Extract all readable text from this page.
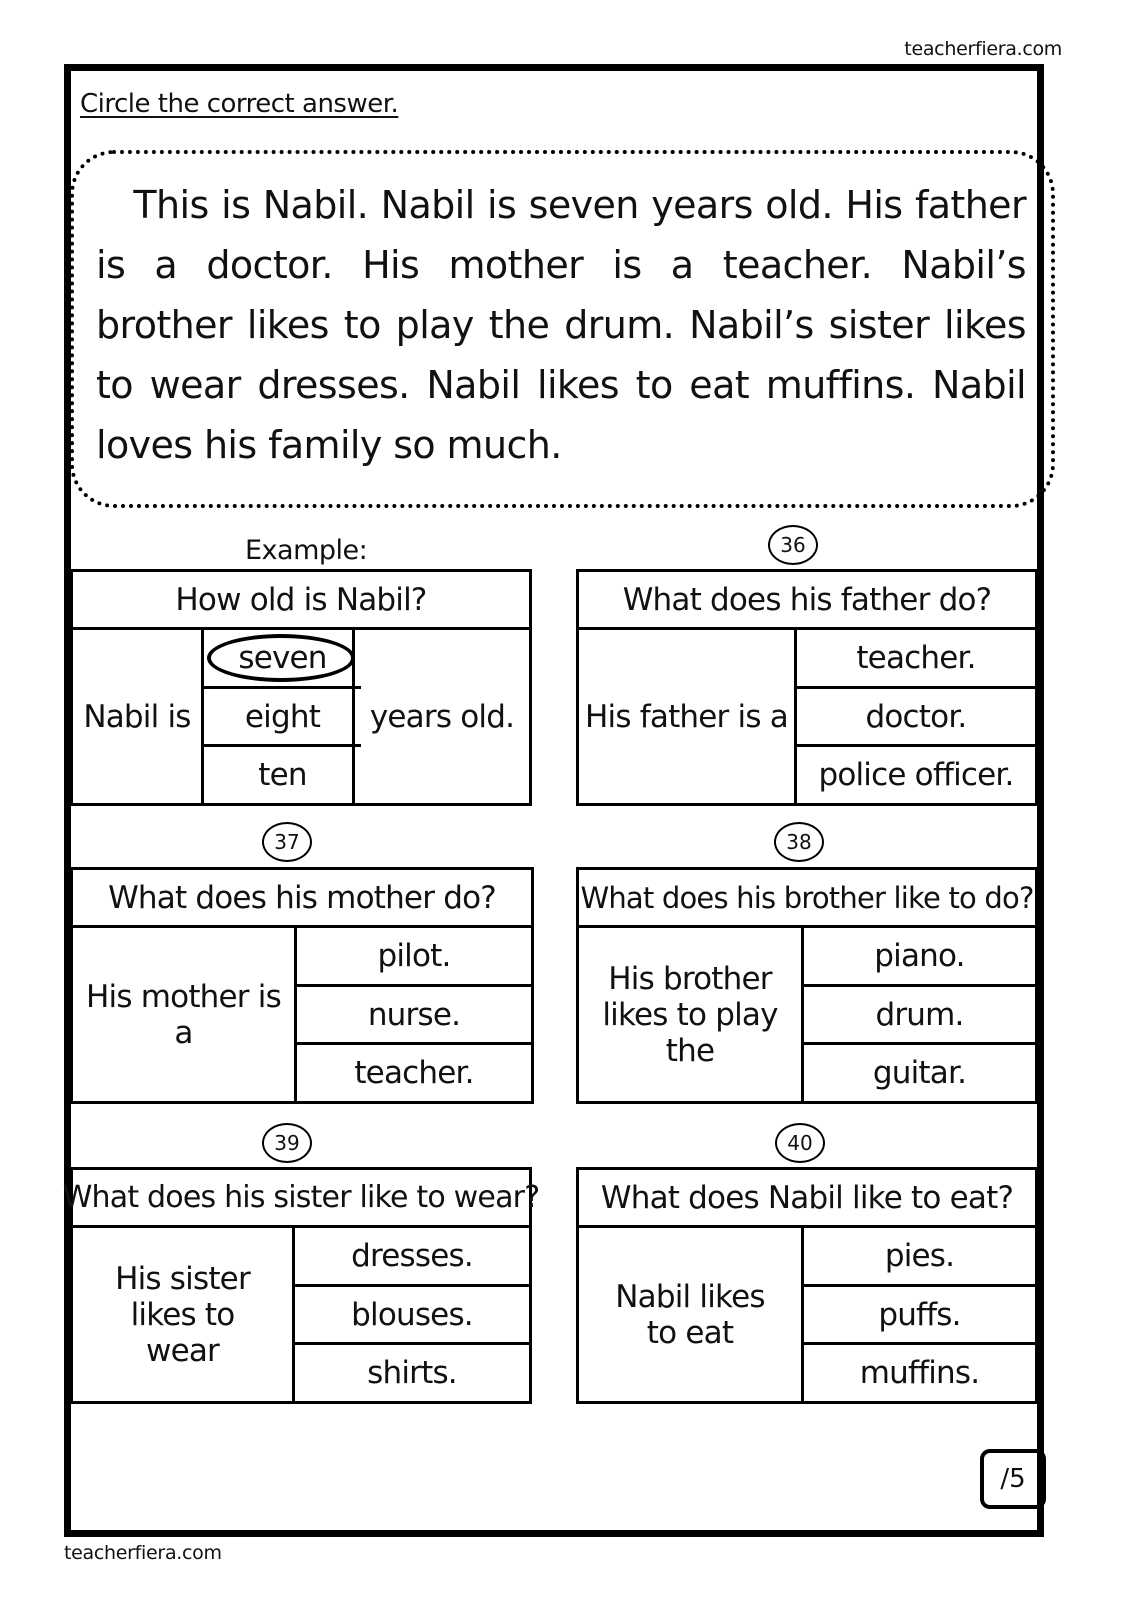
teacherfiera.com
Circle the correct answer.
 This is Nabil. Nabil is seven years old. His father is a doctor. His mother is a teacher. Nabil’s brother likes to play the drum. Nabil’s sister likes to wear dresses. Nabil likes to eat muffins. Nabil loves his family so much.
Example:
How old is Nabil?
Nabil is
seven
eight
ten
years old.
36
What does his father do?
His father is a
teacher.
doctor.
police officer.
37
What does his mother do?
His mother is a
pilot.
nurse.
teacher.
38
What does his brother like to do?
His brother likes to play the
piano.
drum.
guitar.
39
What does his sister like to wear?
His sister likes to wear
dresses.
blouses.
shirts.
40
What does Nabil like to eat?
Nabil likes to eat
pies.
puffs.
muffins.
/5
teacherfiera.com
